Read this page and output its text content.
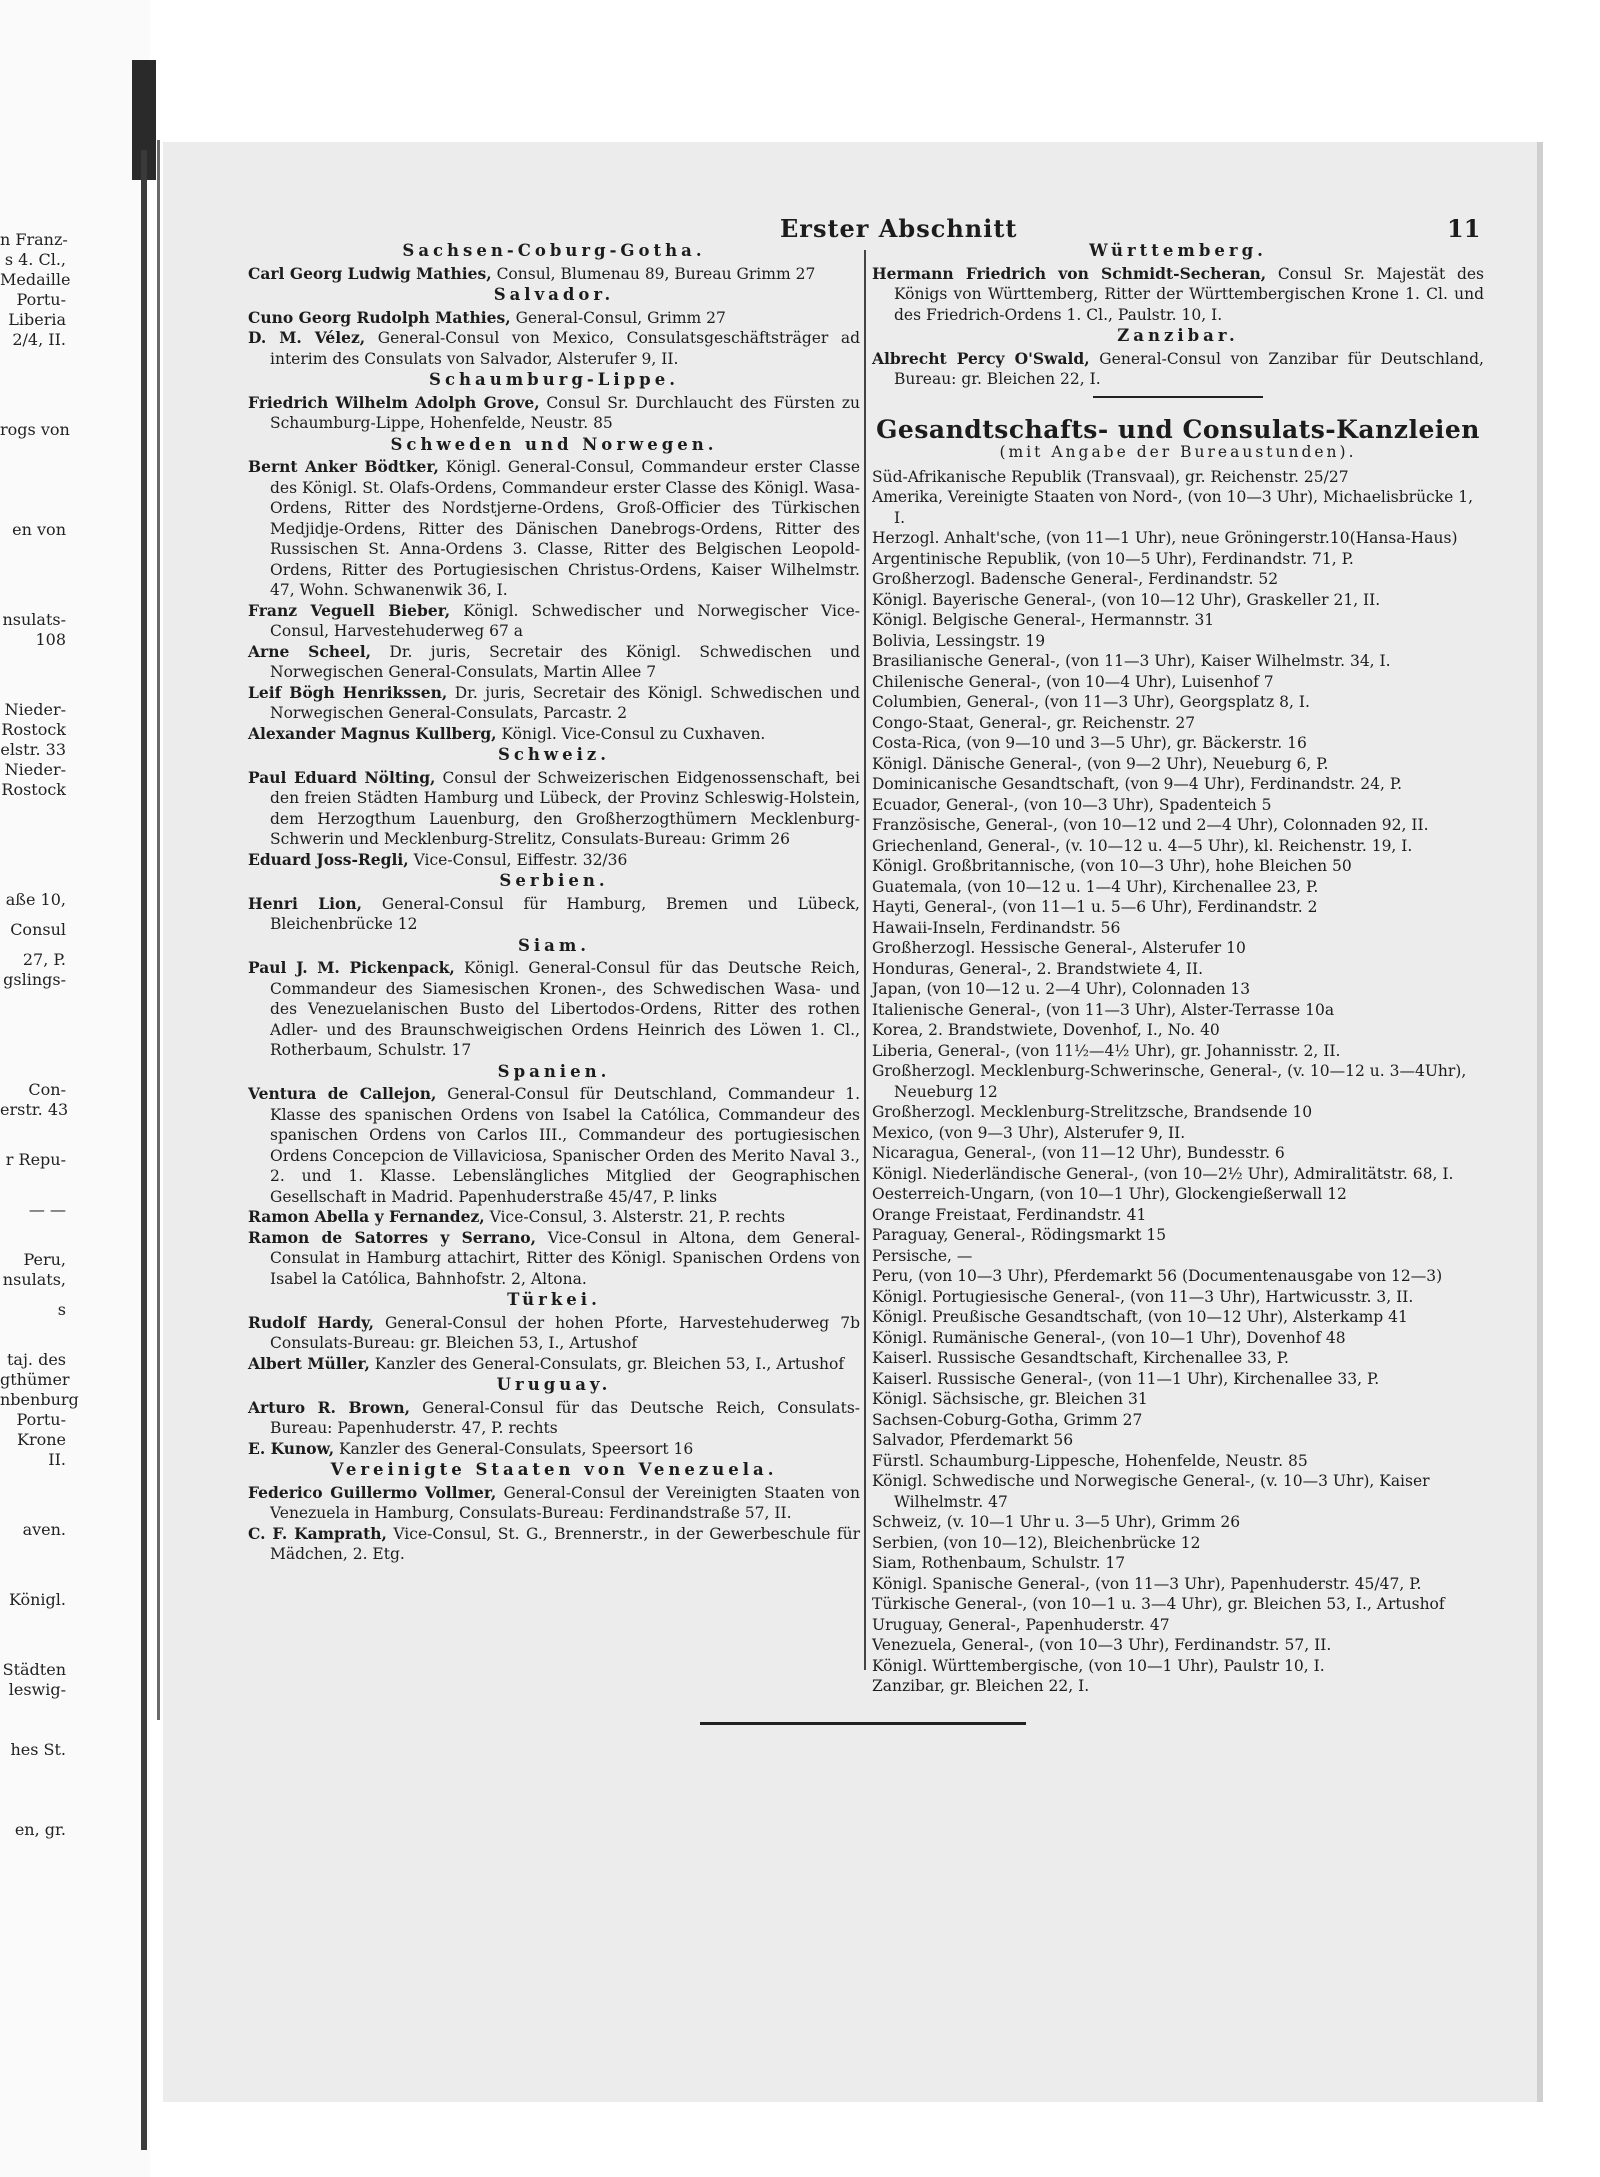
n Franz-
s 4. Cl.,
Medaille
Portu-
Liberia
2/4, II.
rogs von
en von
nsulats-
108
Nieder-
Rostock
elstr. 33
Nieder-
Rostock
aße 10,
Consul
27, P.
gslings-
Con-
erstr. 43
r Repu-
— —
Peru,
nsulats,
s
taj. des
gthümer
nbenburg
Portu-
Krone
II.
aven.
Königl.
Städten
leswig-
hes St.
en, gr.
Erster Abschnitt	11

Sachsen-Coburg-Gotha.

Carl Georg Ludwig Mathies, Consul, Blumenau 89, Bureau Grimm 27

Salvador.

Cuno Georg Rudolph Mathies, General-Consul, Grimm 27

D. M. Vélez, General-Consul von Mexico, Consulatsgeschäftsträger ad interim des Consulats von Salvador, Alsterufer 9, II.

Schaumburg-Lippe.

Friedrich Wilhelm Adolph Grove, Consul Sr. Durchlaucht des Fürsten zu Schaumburg-Lippe, Hohenfelde, Neustr. 85

Schweden und Norwegen.

Bernt Anker Bödtker, Königl. General-Consul, Commandeur erster Classe des Königl. St. Olafs-Ordens, Commandeur erster Classe des Königl. Wasa-Ordens, Ritter des Nordstjerne-Ordens, Groß-Officier des Türkischen Medjidje-Ordens, Ritter des Dänischen Danebrogs-Ordens, Ritter des Russischen St. Anna-Ordens 3. Classe, Ritter des Belgischen Leopold-Ordens, Ritter des Portugiesischen Christus-Ordens, Kaiser Wilhelmstr. 47, Wohn. Schwanenwik 36, I.

Franz Veguell Bieber, Königl. Schwedischer und Norwegischer Vice-Consul, Harvestehuderweg 67 a

Arne Scheel, Dr. juris, Secretair des Königl. Schwedischen und Norwegischen General-Consulats, Martin Allee 7

Leif Bögh Henrikssen, Dr. juris, Secretair des Königl. Schwedischen und Norwegischen General-Consulats, Parcastr. 2

Alexander Magnus Kullberg, Königl. Vice-Consul zu Cuxhaven.

Schweiz.

Paul Eduard Nölting, Consul der Schweizerischen Eidgenossenschaft, bei den freien Städten Hamburg und Lübeck, der Provinz Schleswig-Holstein, dem Herzogthum Lauenburg, den Großherzogthümern Mecklenburg-Schwerin und Mecklenburg-Strelitz, Consulats-Bureau: Grimm 26

Eduard Joss-Regli, Vice-Consul, Eiffestr. 32/36

Serbien.

Henri Lion, General-Consul für Hamburg, Bremen und Lübeck, Bleichenbrücke 12

Siam.

Paul J. M. Pickenpack, Königl. General-Consul für das Deutsche Reich, Commandeur des Siamesischen Kronen-, des Schwedischen Wasa- und des Venezuelanischen Busto del Libertodos-Ordens, Ritter des rothen Adler- und des Braunschweigischen Ordens Heinrich des Löwen 1. Cl., Rotherbaum, Schulstr. 17

Spanien.

Ventura de Callejon, General-Consul für Deutschland, Commandeur 1. Klasse des spanischen Ordens von Isabel la Católica, Commandeur des spanischen Ordens von Carlos III., Commandeur des portugiesischen Ordens Concepcion de Villaviciosa, Spanischer Orden des Merito Naval 3., 2. und 1. Klasse. Lebenslängliches Mitglied der Geographischen Gesellschaft in Madrid. Papenhuderstraße 45/47, P. links

Ramon Abella y Fernandez, Vice-Consul, 3. Alsterstr. 21, P. rechts

Ramon de Satorres y Serrano, Vice-Consul in Altona, dem General-Consulat in Hamburg attachirt, Ritter des Königl. Spanischen Ordens von Isabel la Católica, Bahnhofstr. 2, Altona.

Türkei.

Rudolf Hardy, General-Consul der hohen Pforte, Harvestehuderweg 7b Consulats-Bureau: gr. Bleichen 53, I., Artushof

Albert Müller, Kanzler des General-Consulats, gr. Bleichen 53, I., Artushof

Uruguay.

Arturo R. Brown, General-Consul für das Deutsche Reich, Consulats-Bureau: Papenhuderstr. 47, P. rechts

E. Kunow, Kanzler des General-Consulats, Speersort 16

Vereinigte Staaten von Venezuela.

Federico Guillermo Vollmer, General-Consul der Vereinigten Staaten von Venezuela in Hamburg, Consulats-Bureau: Ferdinandstraße 57, II.

C. F. Kamprath, Vice-Consul, St. G., Brennerstr., in der Gewerbeschule für Mädchen, 2. Etg.

Württemberg.

Hermann Friedrich von Schmidt-Secheran, Consul Sr. Majestät des Königs von Württemberg, Ritter der Württembergischen Krone 1. Cl. und des Friedrich-Ordens 1. Cl., Paulstr. 10, I.

Zanzibar.

Albrecht Percy O'Swald, General-Consul von Zanzibar für Deutschland, Bureau: gr. Bleichen 22, I.

Gesandtschafts- und Consulats-Kanzleien

(mit Angabe der Bureaustunden).

Süd-Afrikanische Republik (Transvaal), gr. Reichenstr. 25/27

Amerika, Vereinigte Staaten von Nord-, (von 10—3 Uhr), Michaelisbrücke 1, I.

Herzogl. Anhalt'sche, (von 11—1 Uhr), neue Gröningerstr.10(Hansa-Haus)

Argentinische Republik, (von 10—5 Uhr), Ferdinandstr. 71, P.

Großherzogl. Badensche General-, Ferdinandstr. 52

Königl. Bayerische General-, (von 10—12 Uhr), Graskeller 21, II.

Königl. Belgische General-, Hermannstr. 31

Bolivia, Lessingstr. 19

Brasilianische General-, (von 11—3 Uhr), Kaiser Wilhelmstr. 34, I.

Chilenische General-, (von 10—4 Uhr), Luisenhof 7

Columbien, General-, (von 11—3 Uhr), Georgsplatz 8, I.

Congo-Staat, General-, gr. Reichenstr. 27

Costa-Rica, (von 9—10 und 3—5 Uhr), gr. Bäckerstr. 16

Königl. Dänische General-, (von 9—2 Uhr), Neueburg 6, P.

Dominicanische Gesandtschaft, (von 9—4 Uhr), Ferdinandstr. 24, P.

Ecuador, General-, (von 10—3 Uhr), Spadenteich 5

Französische, General-, (von 10—12 und 2—4 Uhr), Colonnaden 92, II.

Griechenland, General-, (v. 10—12 u. 4—5 Uhr), kl. Reichenstr. 19, I.

Königl. Großbritannische, (von 10—3 Uhr), hohe Bleichen 50

Guatemala, (von 10—12 u. 1—4 Uhr), Kirchenallee 23, P.

Hayti, General-, (von 11—1 u. 5—6 Uhr), Ferdinandstr. 2

Hawaii-Inseln, Ferdinandstr. 56

Großherzogl. Hessische General-, Alsterufer 10

Honduras, General-, 2. Brandstwiete 4, II.

Japan, (von 10—12 u. 2—4 Uhr), Colonnaden 13

Italienische General-, (von 11—3 Uhr), Alster-Terrasse 10a

Korea, 2. Brandstwiete, Dovenhof, I., No. 40

Liberia, General-, (von 11½—4½ Uhr), gr. Johannisstr. 2, II.

Großherzogl. Mecklenburg-Schwerinsche, General-, (v. 10—12 u. 3—4Uhr), Neueburg 12

Großherzogl. Mecklenburg-Strelitzsche, Brandsende 10

Mexico, (von 9—3 Uhr), Alsterufer 9, II.

Nicaragua, General-, (von 11—12 Uhr), Bundesstr. 6

Königl. Niederländische General-, (von 10—2½ Uhr), Admiralitätstr. 68, I.

Oesterreich-Ungarn, (von 10—1 Uhr), Glockengießerwall 12

Orange Freistaat, Ferdinandstr. 41

Paraguay, General-, Rödingsmarkt 15

Persische, —

Peru, (von 10—3 Uhr), Pferdemarkt 56 (Documentenausgabe von 12—3)

Königl. Portugiesische General-, (von 11—3 Uhr), Hartwicusstr. 3, II.

Königl. Preußische Gesandtschaft, (von 10—12 Uhr), Alsterkamp 41

Königl. Rumänische General-, (von 10—1 Uhr), Dovenhof 48

Kaiserl. Russische Gesandtschaft, Kirchenallee 33, P.

Kaiserl. Russische General-, (von 11—1 Uhr), Kirchenallee 33, P.

Königl. Sächsische, gr. Bleichen 31

Sachsen-Coburg-Gotha, Grimm 27

Salvador, Pferdemarkt 56

Fürstl. Schaumburg-Lippesche, Hohenfelde, Neustr. 85

Königl. Schwedische und Norwegische General-, (v. 10—3 Uhr), Kaiser Wilhelmstr. 47

Schweiz, (v. 10—1 Uhr u. 3—5 Uhr), Grimm 26

Serbien, (von 10—12), Bleichenbrücke 12

Siam, Rothenbaum, Schulstr. 17

Königl. Spanische General-, (von 11—3 Uhr), Papenhuderstr. 45/47, P.

Türkische General-, (von 10—1 u. 3—4 Uhr), gr. Bleichen 53, I., Artushof

Uruguay, General-, Papenhuderstr. 47

Venezuela, General-, (von 10—3 Uhr), Ferdinandstr. 57, II.

Königl. Württembergische, (von 10—1 Uhr), Paulstr 10, I.

Zanzibar, gr. Bleichen 22, I.
